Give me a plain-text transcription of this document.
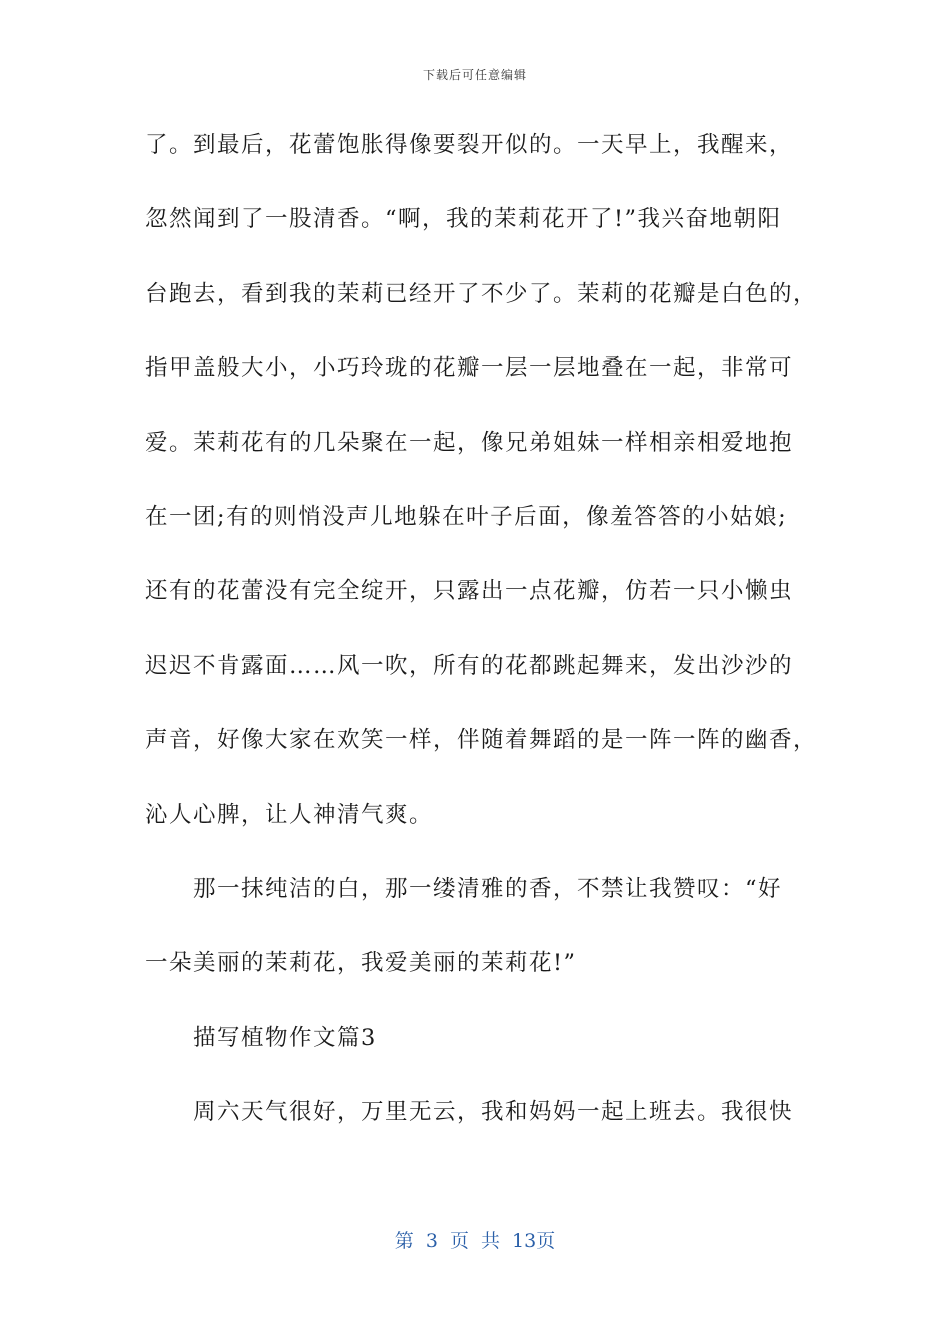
下载后可任意编辑
了。到最后，花蕾饱胀得像要裂开似的。一天早上，我醒来，
忽然闻到了一股清香。“啊，我的茉莉花开了!”我兴奋地朝阳
台跑去，看到我的茉莉已经开了不少了。茉莉的花瓣是白色的，
指甲盖般大小，小巧玲珑的花瓣一层一层地叠在一起，非常可
爱。茉莉花有的几朵聚在一起，像兄弟姐妹一样相亲相爱地抱
在一团;有的则悄没声儿地躲在叶子后面，像羞答答的小姑娘;
还有的花蕾没有完全绽开，只露出一点花瓣，仿若一只小懒虫
迟迟不肯露面……风一吹，所有的花都跳起舞来，发出沙沙的
声音，好像大家在欢笑一样，伴随着舞蹈的是一阵一阵的幽香，
沁人心脾，让人神清气爽。
那一抹纯洁的白，那一缕清雅的香，不禁让我赞叹：“好
一朵美丽的茉莉花，我爱美丽的茉莉花!”
描写植物作文篇3
周六天气很好，万里无云，我和妈妈一起上班去。我很快
第 3 页 共 13页
